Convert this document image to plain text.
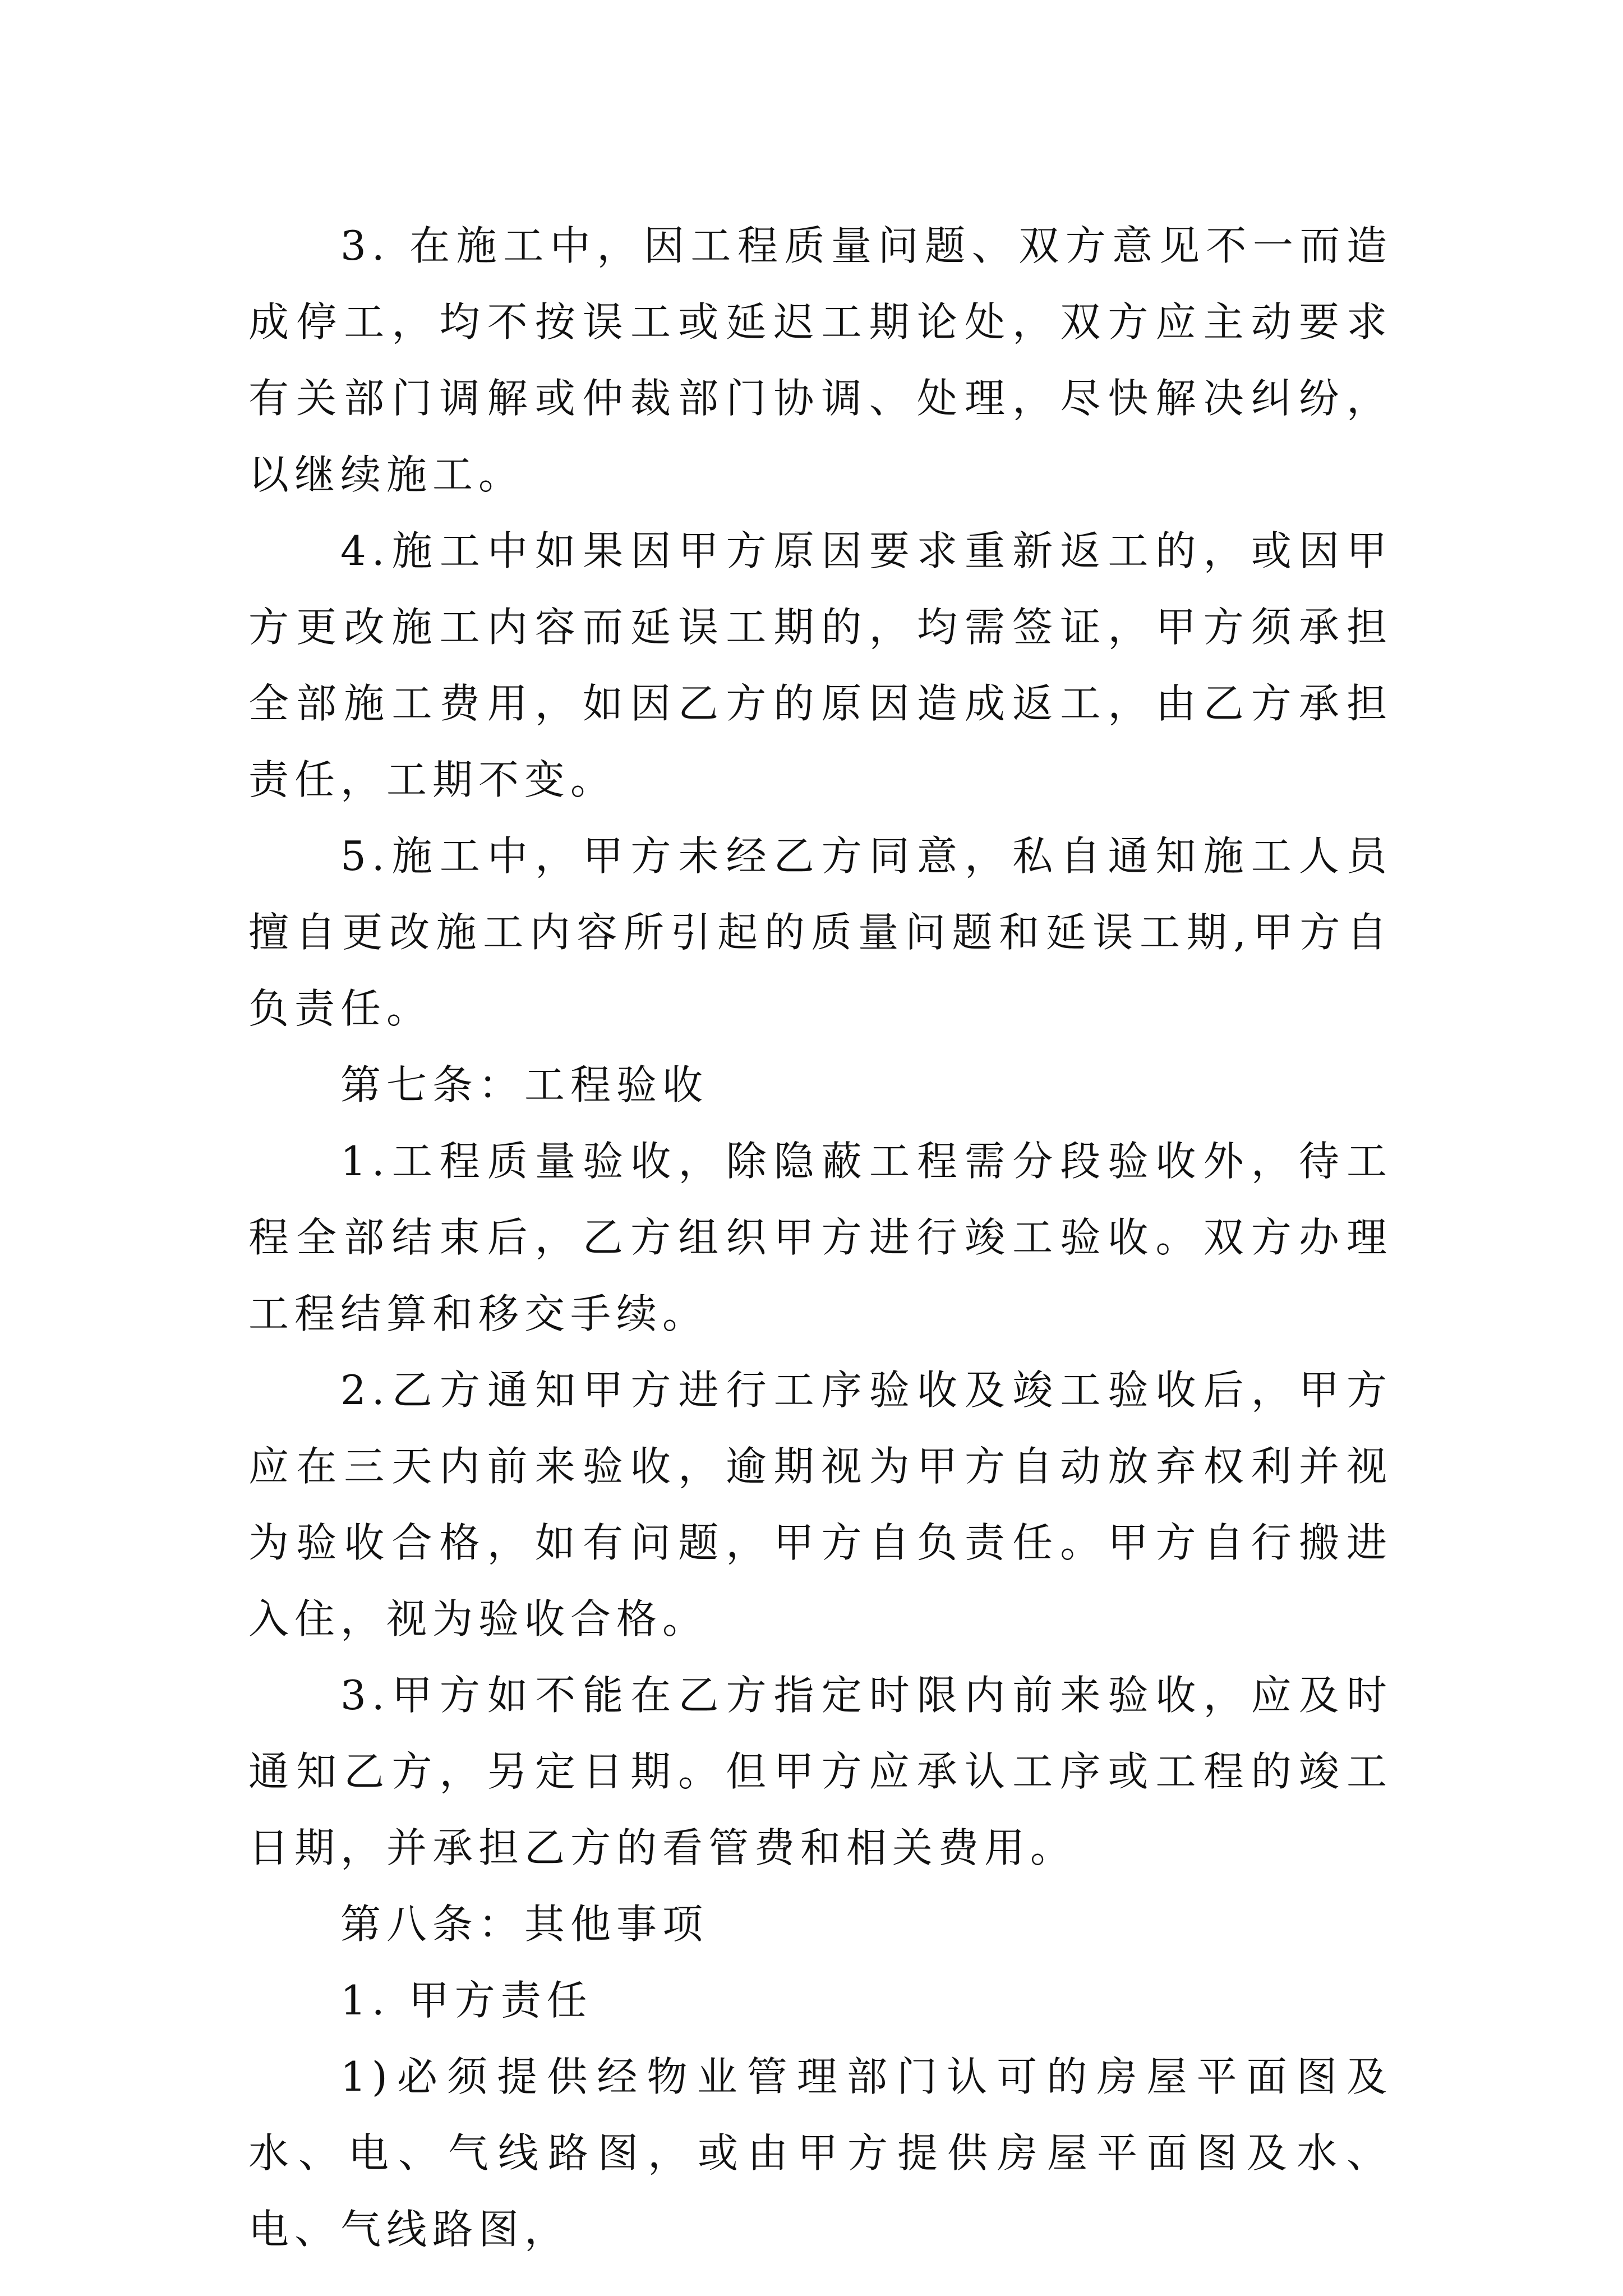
3. 在施工中，因工程质量问题、双方意见不一而造成停工，均不按误工或延迟工期论处，双方应主动要求有关部门调解或仲裁部门协调、处理，尽快解决纠纷，以继续施工。

4.施工中如果因甲方原因要求重新返工的，或因甲方更改施工内容而延误工期的，均需签证，甲方须承担全部施工费用，如因乙方的原因造成返工，由乙方承担责任，工期不变。

5.施工中，甲方未经乙方同意，私自通知施工人员擅自更改施工内容所引起的质量问题和延误工期,甲方自负责任。

第七条：工程验收

1.工程质量验收，除隐蔽工程需分段验收外，待工程全部结束后，乙方组织甲方进行竣工验收。双方办理工程结算和移交手续。

2.乙方通知甲方进行工序验收及竣工验收后，甲方应在三天内前来验收，逾期视为甲方自动放弃权利并视为验收合格，如有问题，甲方自负责任。甲方自行搬进入住，视为验收合格。

3.甲方如不能在乙方指定时限内前来验收，应及时通知乙方，另定日期。但甲方应承认工序或工程的竣工日期，并承担乙方的看管费和相关费用。

第八条：其他事项

1. 甲方责任

1)必须提供经物业管理部门认可的房屋平面图及水、电、气线路图，或由甲方提供房屋平面图及水、电、气线路图，
